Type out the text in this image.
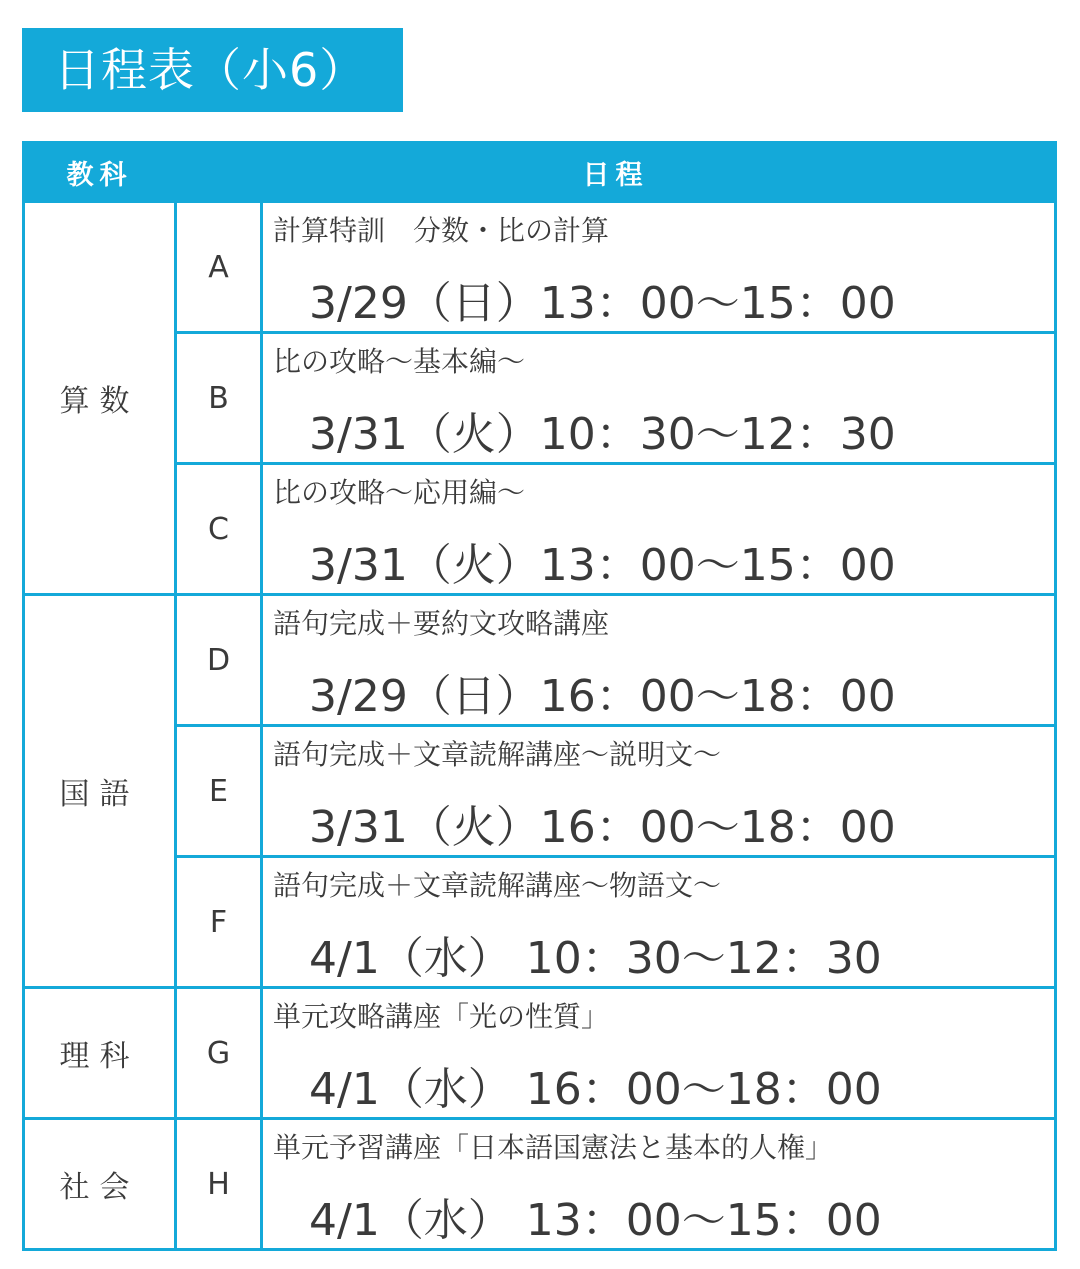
日程表（小6）
教科	日程	
算数	A	計算特訓　分数・比の計算
3/29（日）13：00〜15：00

	B	比の攻略〜基本編〜
3/31（火）10：30〜12：30

	C	比の攻略〜応用編〜
3/31（火）13：00〜15：00

国語	D	語句完成＋要約文攻略講座
3/29（日）16：00〜18：00

	E	語句完成＋文章読解講座〜説明文〜
3/31（火）16：00〜18：00

	F	語句完成＋文章読解講座〜物語文〜
4/1（水） 10：30〜12：30

理科	G	単元攻略講座「光の性質」
4/1（水） 16：00〜18：00

社会	H	単元予習講座「日本語国憲法と基本的人権」
4/1（水） 13：00〜15：00
